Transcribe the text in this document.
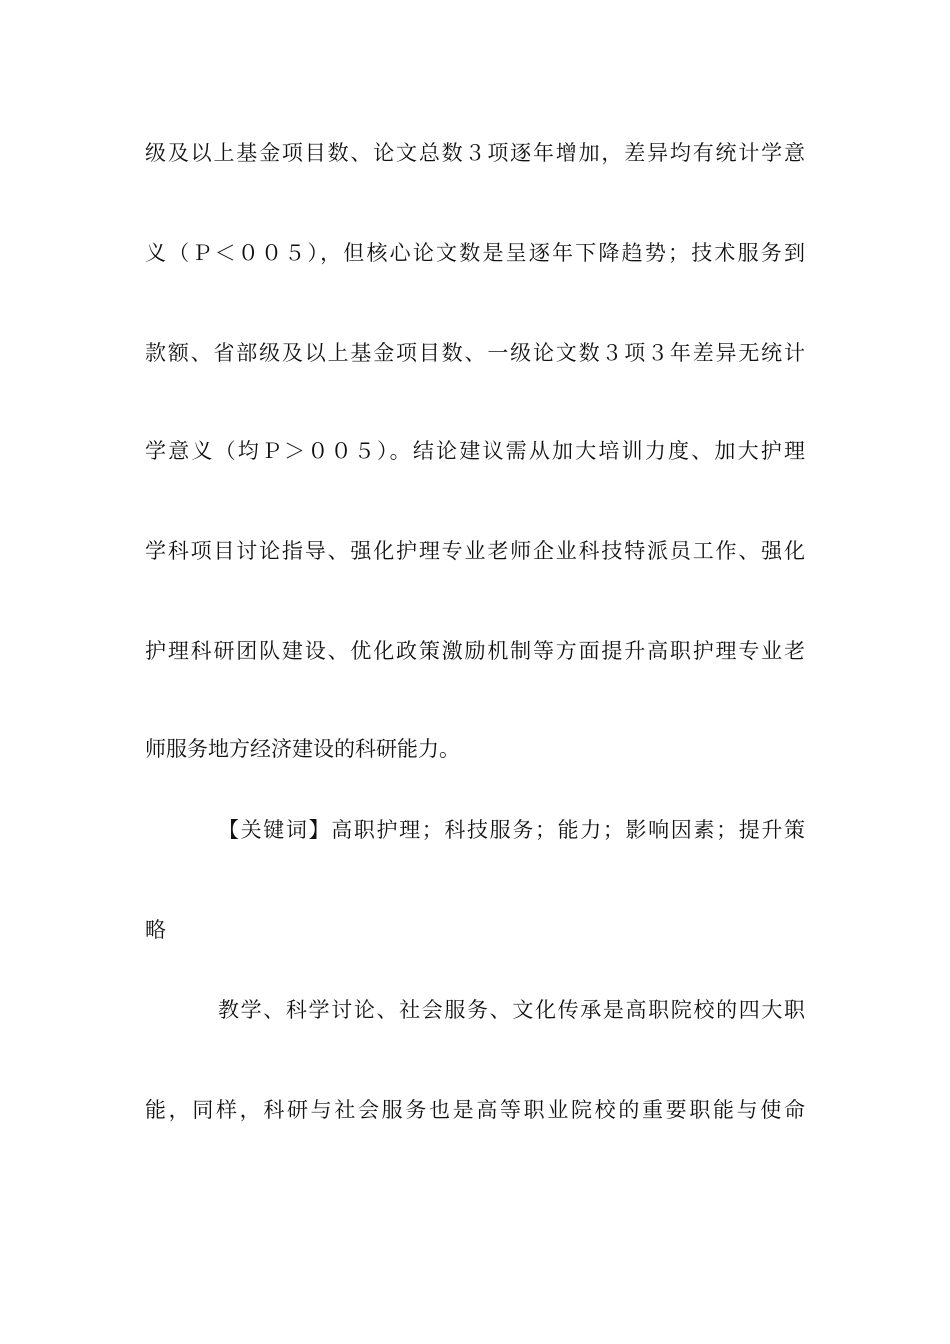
级及以上基金项目数、论文总数３项逐年增加，差异均有统计学意
义（Ｐ＜００５），但核心论文数是呈逐年下降趋势；技术服务到
款额、省部级及以上基金项目数、一级论文数３项３年差异无统计
学意义（均Ｐ＞００５）。结论建议需从加大培训力度、加大护理
学科项目讨论指导、强化护理专业老师企业科技特派员工作、强化
护理科研团队建设、优化政策激励机制等方面提升高职护理专业老
师服务地方经济建设的科研能力。
【关键词】高职护理；科技服务；能力；影响因素；提升策
略
教学、科学讨论、社会服务、文化传承是高职院校的四大职
能，同样，科研与社会服务也是高等职业院校的重要职能与使命
